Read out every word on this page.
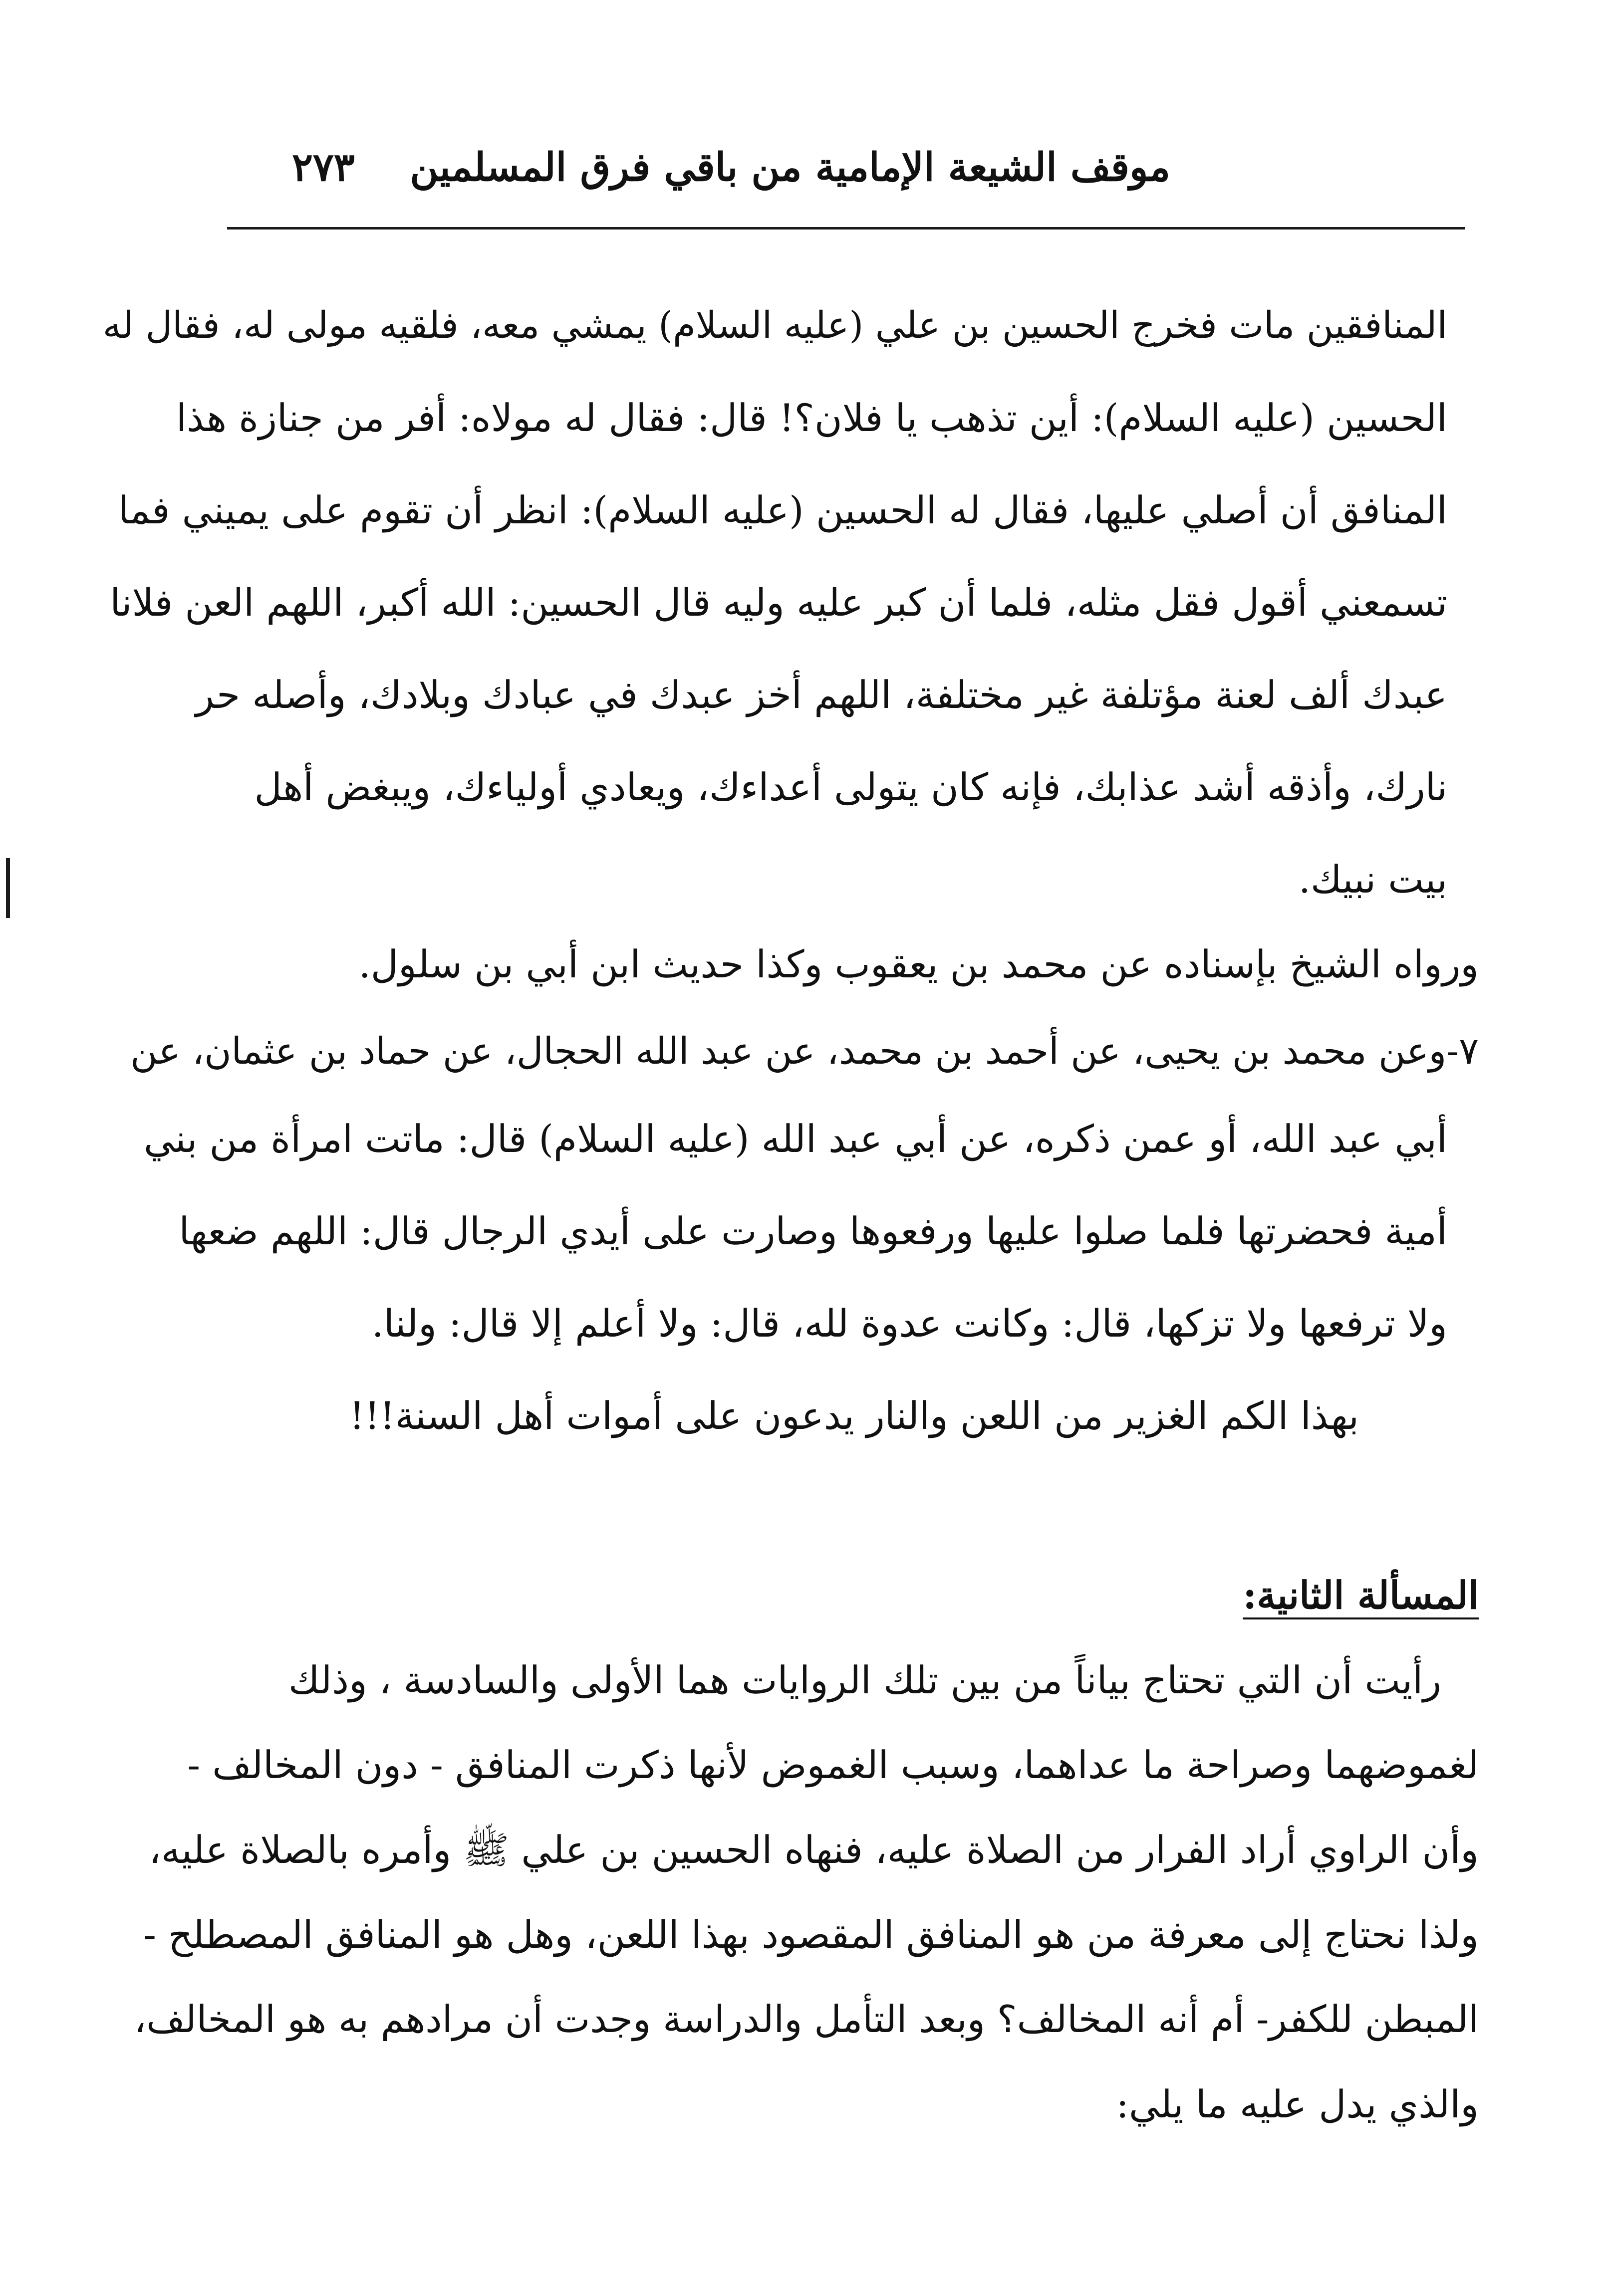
موقف الشيعة الإمامية من باقي فرق المسلمين
٢٧٣
المنافقين مات فخرج الحسين بن علي (عليه السلام) يمشي معه، فلقيه مولى له، فقال له
الحسين (عليه السلام): أين تذهب يا فلان؟! قال: فقال له مولاه: أفر من جنازة هذا
المنافق أن أصلي عليها، فقال له الحسين (عليه السلام): انظر أن تقوم على يميني فما
تسمعني أقول فقل مثله، فلما أن كبر عليه وليه قال الحسين: الله أكبر، اللهم العن فلانا
عبدك ألف لعنة مؤتلفة غير مختلفة، اللهم أخز عبدك في عبادك وبلادك، وأصله حر
نارك، وأذقه أشد عذابك، فإنه كان يتولى أعداءك، ويعادي أولياءك، ويبغض أهل
بيت نبيك.
ورواه الشيخ بإسناده عن محمد بن يعقوب وكذا حديث ابن أبي بن سلول.
٧-وعن محمد بن يحيى، عن أحمد بن محمد، عن عبد الله الحجال، عن حماد بن عثمان، عن
أبي عبد الله، أو عمن ذكره، عن أبي عبد الله (عليه السلام) قال: ماتت امرأة من بني
أمية فحضرتها فلما صلوا عليها ورفعوها وصارت على أيدي الرجال قال: اللهم ضعها
ولا ترفعها ولا تزكها، قال: وكانت عدوة لله، قال: ولا أعلم إلا قال: ولنا.
بهذا الكم الغزير من اللعن والنار يدعون على أموات أهل السنة!!!
المسألة الثانية:
رأيت أن التي تحتاج بياناً من بين تلك الروايات هما الأولى والسادسة ، وذلك
لغموضهما وصراحة ما عداهما، وسبب الغموض لأنها ذكرت المنافق - دون المخالف -
وأن الراوي أراد الفرار من الصلاة عليه، فنهاه الحسين بن علي ﷺ وأمره بالصلاة عليه،
ولذا نحتاج إلى معرفة من هو المنافق المقصود بهذا اللعن، وهل هو المنافق المصطلح -
المبطن للكفر- أم أنه المخالف؟ وبعد التأمل والدراسة وجدت أن مرادهم به هو المخالف،
والذي يدل عليه ما يلي:
